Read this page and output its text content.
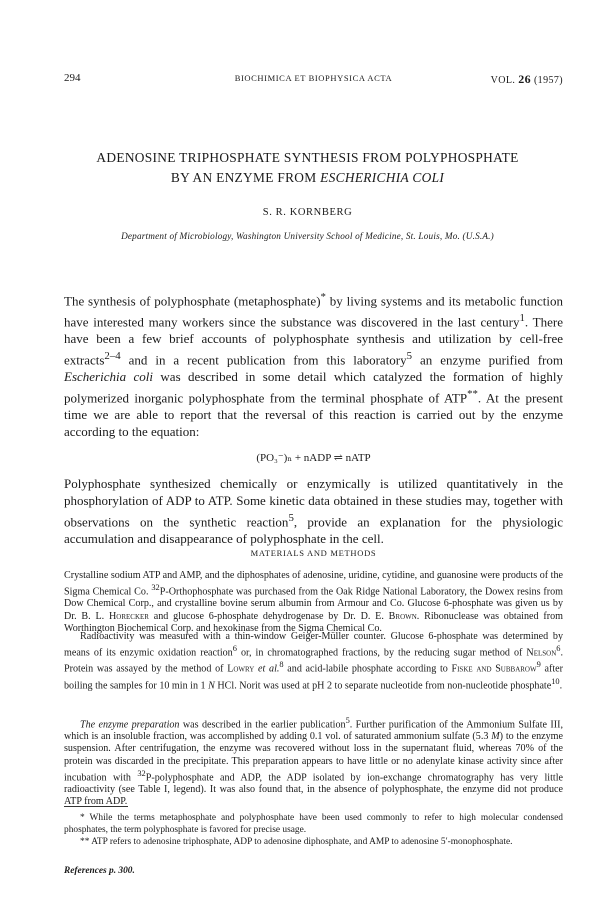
294	BIOCHIMICA ET BIOPHYSICA ACTA	VOL. 26 (1957)
ADENOSINE TRIPHOSPHATE SYNTHESIS FROM POLYPHOSPHATE
BY AN ENZYME FROM ESCHERICHIA COLI
S. R. KORNBERG
Department of Microbiology, Washington University School of Medicine, St. Louis, Mo. (U.S.A.)

The synthesis of polyphosphate (metaphosphate)* by living systems and its metabolic function have interested many workers since the substance was discovered in the last century$^1$. There have been a few brief accounts of polyphosphate synthesis and utilization by cell-free extracts$^{2-4}$ and in a recent publication from this laboratory$^5$ an enzyme purified from Escherichia coli was described in some detail which catalyzed the formation of highly polymerized inorganic polyphosphate from the terminal phosphate of ATP**. At the present time we are able to report that the reversal of this reaction is carried out by the enzyme according to the equation:

(PO₃⁻)ₙ + nADP ⇌ nATP

Polyphosphate synthesized chemically or enzymically is utilized quantitatively in the phosphorylation of ADP to ATP. Some kinetic data obtained in these studies may, together with observations on the synthetic reaction$^5$, provide an explanation for the physiologic accumulation and disappearance of polyphosphate in the cell.

MATERIALS AND METHODS

Crystalline sodium ATP and AMP, and the diphosphates of adenosine, uridine, cytidine, and guanosine were products of the Sigma Chemical Co. $^{32}$P-Orthophosphate was purchased from the Oak Ridge National Laboratory, the Dowex resins from Dow Chemical Corp., and crystalline bovine serum albumin from Armour and Co. Glucose 6-phosphate was given us by Dr. B. L. Horecker and glucose 6-phosphate dehydrogenase by Dr. D. E. Brown. Ribonuclease was obtained from Worthington Biochemical Corp. and hexokinase from the Sigma Chemical Co.

Radioactivity was measured with a thin-window Geiger-Müller counter. Glucose 6-phosphate was determined by means of its enzymic oxidation reaction$^6$ or, in chromatographed fractions, by the reducing sugar method of Nelson$^6$. Protein was assayed by the method of Lowry et al.$^8$ and acid-labile phosphate according to Fiske and Subbarow$^9$ after boiling the samples for 10 min in 1 N HCl. Norit was used at pH 2 to separate nucleotide from non-nucleotide phosphate$^{10}$.

The enzyme preparation was described in the earlier publication$^5$. Further purification of the Ammonium Sulfate III, which is an insoluble fraction, was accomplished by adding 0.1 vol. of saturated ammonium sulfate (5.3 M) to the enzyme suspension. After centrifugation, the enzyme was recovered without loss in the supernatant fluid, whereas 70% of the protein was discarded in the precipitate. This preparation appears to have little or no adenylate kinase activity since after incubation with $^{32}$P-polyphosphate and ADP, the ADP isolated by ion-exchange chromatography has very little radioactivity (see Table I, legend). It was also found that, in the absence of polyphosphate, the enzyme did not produce ATP from ADP.

* While the terms metaphosphate and polyphosphate have been used commonly to refer to high molecular condensed phosphates, the term polyphosphate is favored for precise usage.

** ATP refers to adenosine triphosphate, ADP to adenosine diphosphate, and AMP to adenosine 5′-monophosphate.

References p. 300.
